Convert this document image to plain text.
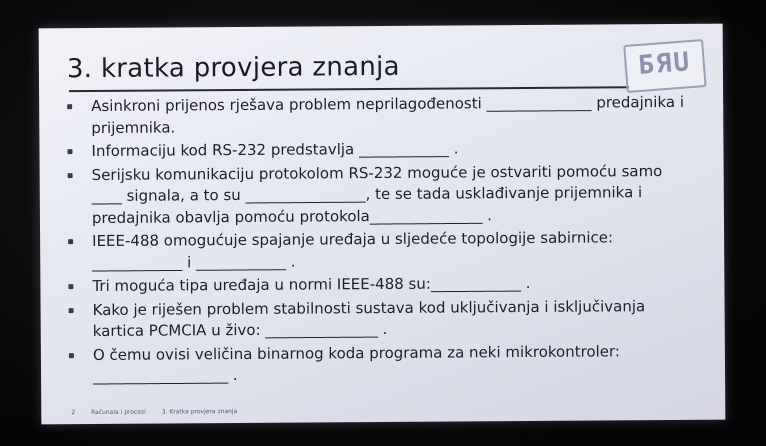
3. kratka provjera znanja	БЯU
Asinkroni prijenos rješava problem neprilagođenosti ______________ predajnika i prijemnika.
Informaciju kod RS-232 predstavlja ____________ .
Serijsku komunikaciju protokolom RS-232 moguće je ostvariti pomoću samo ____ signala, a to su ________________, te se tada usklađivanje prijemnika i predajnika obavlja pomoću protokola_______________ .
IEEE-488 omogućuje spajanje uređaja u sljedeće topologije sabirnice: ____________ i ____________ .
Tri moguća tipa uređaja u normi IEEE-488 su:____________ .
Kako je riješen problem stabilnosti sustava kod uključivanja i isključivanja kartica PCMCIA u živo: _______________ .
O čemu ovisi veličina binarnog koda programa za neki mikrokontroler: __________________ .
2	Računala i procesi	3. Kratka provjera znanja
